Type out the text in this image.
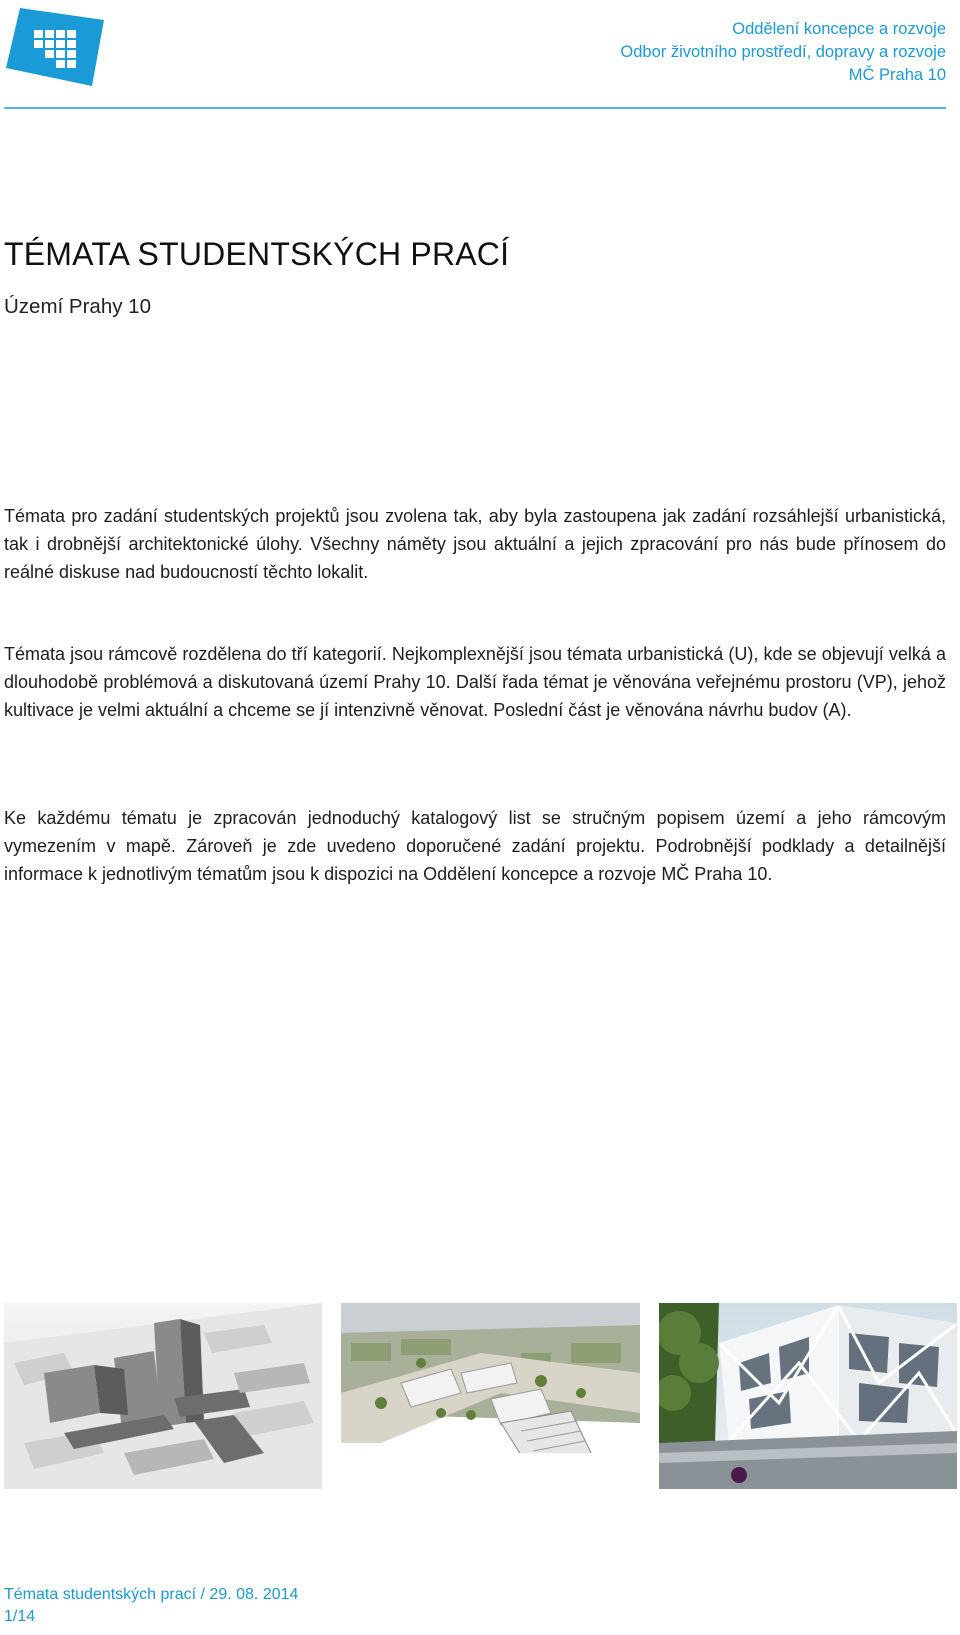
Oddělení koncepce a rozvoje
Odbor životního prostředí, dopravy a rozvoje
MČ Praha 10
TÉMATA STUDENTSKÝCH PRACÍ

Území Prahy 10

Témata pro zadání studentských projektů jsou zvolena tak, aby byla zastoupena jak zadání rozsáhlejší urbanistická, tak i drobnější architektonické úlohy. Všechny náměty jsou aktuální a jejich zpracování pro nás bude přínosem do reálné diskuse nad budoucností těchto lokalit.

Témata jsou rámcově rozdělena do tří kategorií. Nejkomplexnější jsou témata urbanistická (U), kde se objevují velká a dlouhodobě problémová a diskutovaná území Prahy 10. Další řada témat je věnována veřejnému prostoru (VP), jehož kultivace je velmi aktuální a chceme se jí intenzivně věnovat. Poslední část je věnována návrhu budov (A).

Ke každému tématu je zpracován jednoduchý katalogový list se stručným popisem území a jeho rámcovým vymezením v mapě. Zároveň je zde uvedeno doporučené zadání projektu. Podrobnější podklady a detailnější informace k jednotlivým tématům jsou k dispozici na Oddělení koncepce a rozvoje MČ Praha 10.

Témata studentských prací / 29. 08. 2014
1/14
